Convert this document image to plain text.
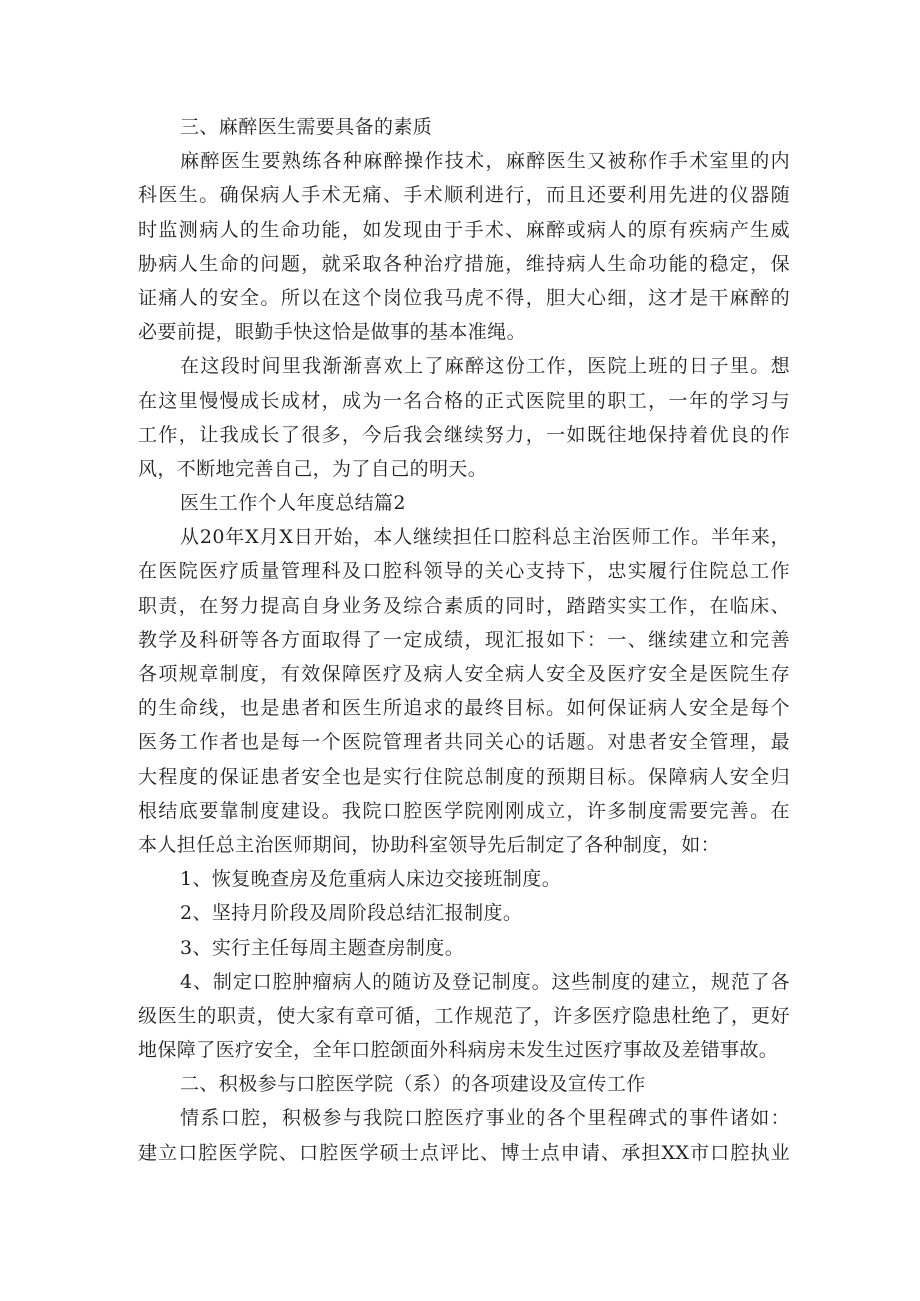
三、麻醉医生需要具备的素质
麻醉医生要熟练各种麻醉操作技术，麻醉医生又被称作手术室里的内
科医生。确保病人手术无痛、手术顺利进行，而且还要利用先进的仪器随
时监测病人的生命功能，如发现由于手术、麻醉或病人的原有疾病产生威
胁病人生命的问题，就采取各种治疗措施，维持病人生命功能的稳定，保
证痛人的安全。所以在这个岗位我马虎不得，胆大心细，这才是干麻醉的
必要前提，眼勤手快这恰是做事的基本准绳。
在这段时间里我渐渐喜欢上了麻醉这份工作，医院上班的日子里。想
在这里慢慢成长成材，成为一名合格的正式医院里的职工，一年的学习与
工作，让我成长了很多，今后我会继续努力，一如既往地保持着优良的作
风，不断地完善自己，为了自己的明天。
医生工作个人年度总结篇2
从20年X月X日开始，本人继续担任口腔科总主治医师工作。半年来，
在医院医疗质量管理科及口腔科领导的关心支持下，忠实履行住院总工作
职责，在努力提高自身业务及综合素质的同时，踏踏实实工作，在临床、
教学及科研等各方面取得了一定成绩，现汇报如下：一、继续建立和完善
各项规章制度，有效保障医疗及病人安全病人安全及医疗安全是医院生存
的生命线，也是患者和医生所追求的最终目标。如何保证病人安全是每个
医务工作者也是每一个医院管理者共同关心的话题。对患者安全管理，最
大程度的保证患者安全也是实行住院总制度的预期目标。保障病人安全归
根结底要靠制度建设。我院口腔医学院刚刚成立，许多制度需要完善。在
本人担任总主治医师期间，协助科室领导先后制定了各种制度，如：
1、恢复晚查房及危重病人床边交接班制度。
2、坚持月阶段及周阶段总结汇报制度。
3、实行主任每周主题查房制度。
4、制定口腔肿瘤病人的随访及登记制度。这些制度的建立，规范了各
级医生的职责，使大家有章可循，工作规范了，许多医疗隐患杜绝了，更好
地保障了医疗安全，全年口腔颌面外科病房未发生过医疗事故及差错事故。
二、积极参与口腔医学院（系）的各项建设及宣传工作
情系口腔，积极参与我院口腔医疗事业的各个里程碑式的事件诸如：
建立口腔医学院、口腔医学硕士点评比、博士点申请、承担XX市口腔执业
